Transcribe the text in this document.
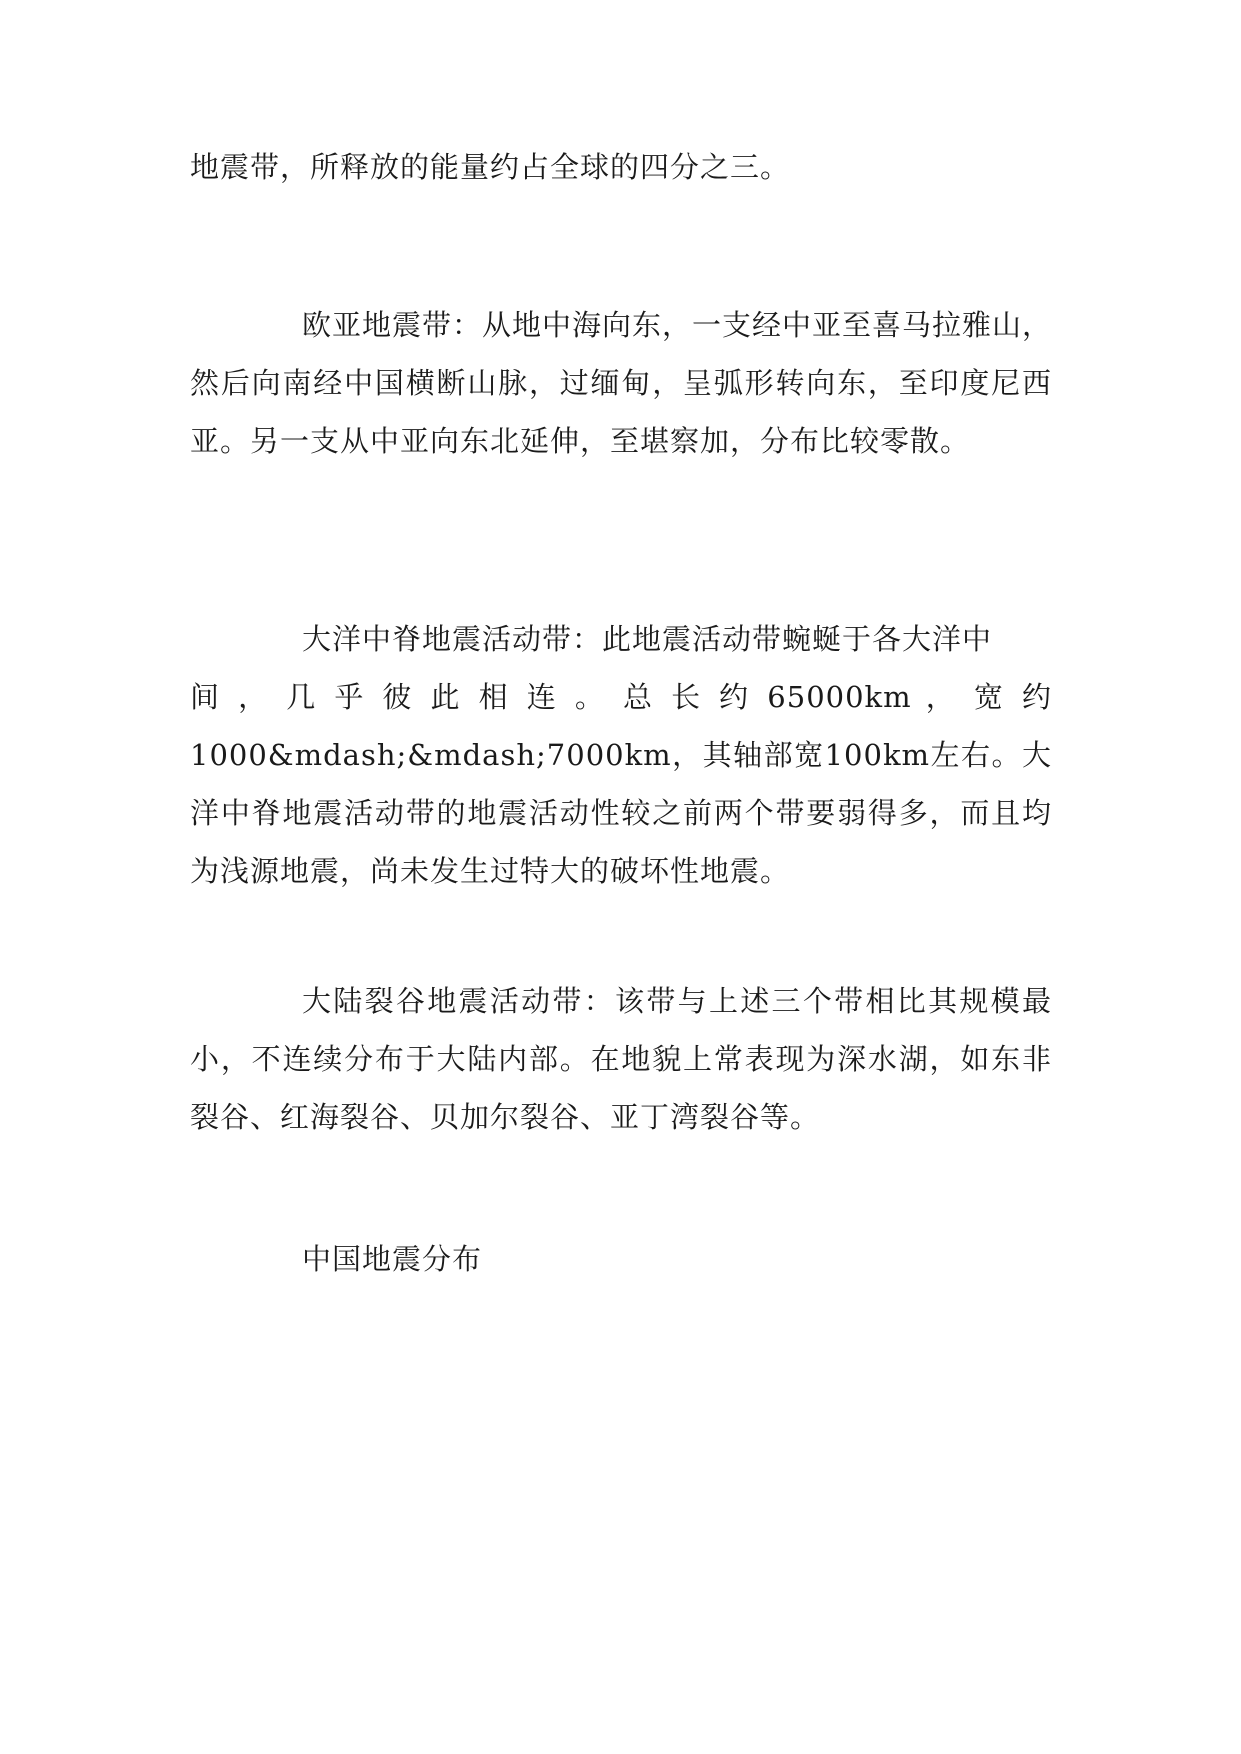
地震带，所释放的能量约占全球的四分之三。

欧亚地震带：从地中海向东，一支经中亚至喜马拉雅山，然后向南经中国横断山脉，过缅甸，呈弧形转向东，至印度尼西亚。另一支从中亚向东北延伸，至堪察加，分布比较零散。

大洋中脊地震活动带：此地震活动带蜿蜒于各大洋中
间 ， 几 乎 彼 此 相 连 。 总 长 约 65000km ， 宽 约
1000&mdash;&mdash;7000km，其轴部宽100km左右。大洋中脊地震活动带的地震活动性较之前两个带要弱得多，而且均为浅源地震，尚未发生过特大的破坏性地震。

大陆裂谷地震活动带：该带与上述三个带相比其规模最小，不连续分布于大陆内部。在地貌上常表现为深水湖，如东非裂谷、红海裂谷、贝加尔裂谷、亚丁湾裂谷等。

中国地震分布
